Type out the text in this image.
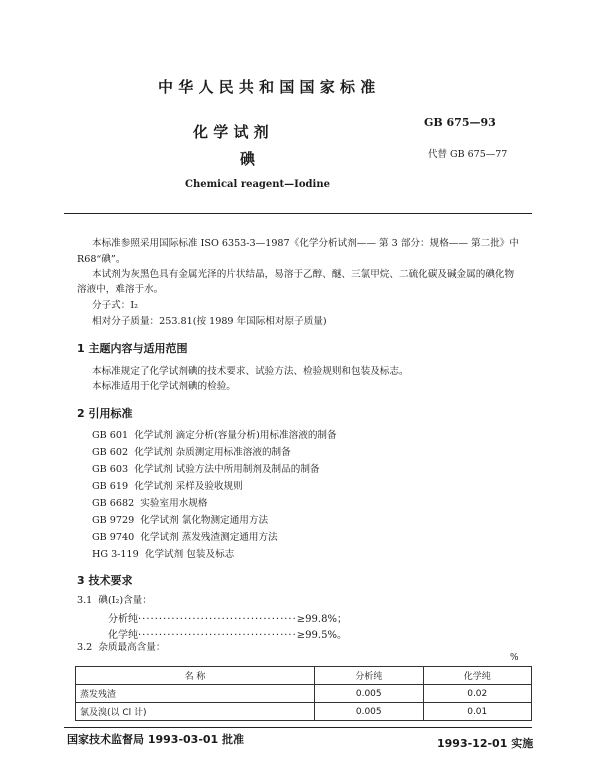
中 华 人 民 共 和 国 国 家 标 准
化 学 试 剂
碘
Chemical reagent—Iodine
GB 675—93
代替 GB 675—77
本标准参照采用国际标准 ISO 6353-3—1987《化学分析试剂—— 第 3 部分：规格—— 第二批》中
R68“碘”。
本试剂为灰黑色具有金属光泽的片状结晶，易溶于乙醇、醚、三氯甲烷、二硫化碳及碱金属的碘化物
溶液中，难溶于水。
分子式：I₂
相对分子质量：253.81(按 1989 年国际相对原子质量)
1 主题内容与适用范围
本标准规定了化学试剂碘的技术要求、试验方法、检验规则和包装及标志。
本标准适用于化学试剂碘的检验。
2 引用标准
GB 601 化学试剂 滴定分析(容量分析)用标准溶液的制备
GB 602 化学试剂 杂质测定用标准溶液的制备
GB 603 化学试剂 试验方法中所用制剂及制品的制备
GB 619 化学试剂 采样及验收规则
GB 6682 实验室用水规格
GB 9729 化学试剂 氯化物测定通用方法
GB 9740 化学试剂 蒸发残渣测定通用方法
HG 3-119 化学试剂 包装及标志
3 技术要求
3.1 碘(I₂)含量：
分析纯······································≥99.8%；
化学纯······································≥99.5%。
3.2 杂质最高含量：
%
名 称	分析纯	化学纯
蒸发残渣	0.005	0.02
氯及溴(以 Cl 计)	0.005	0.01
国家技术监督局 1993-03-01 批准	1993-12-01 实施
